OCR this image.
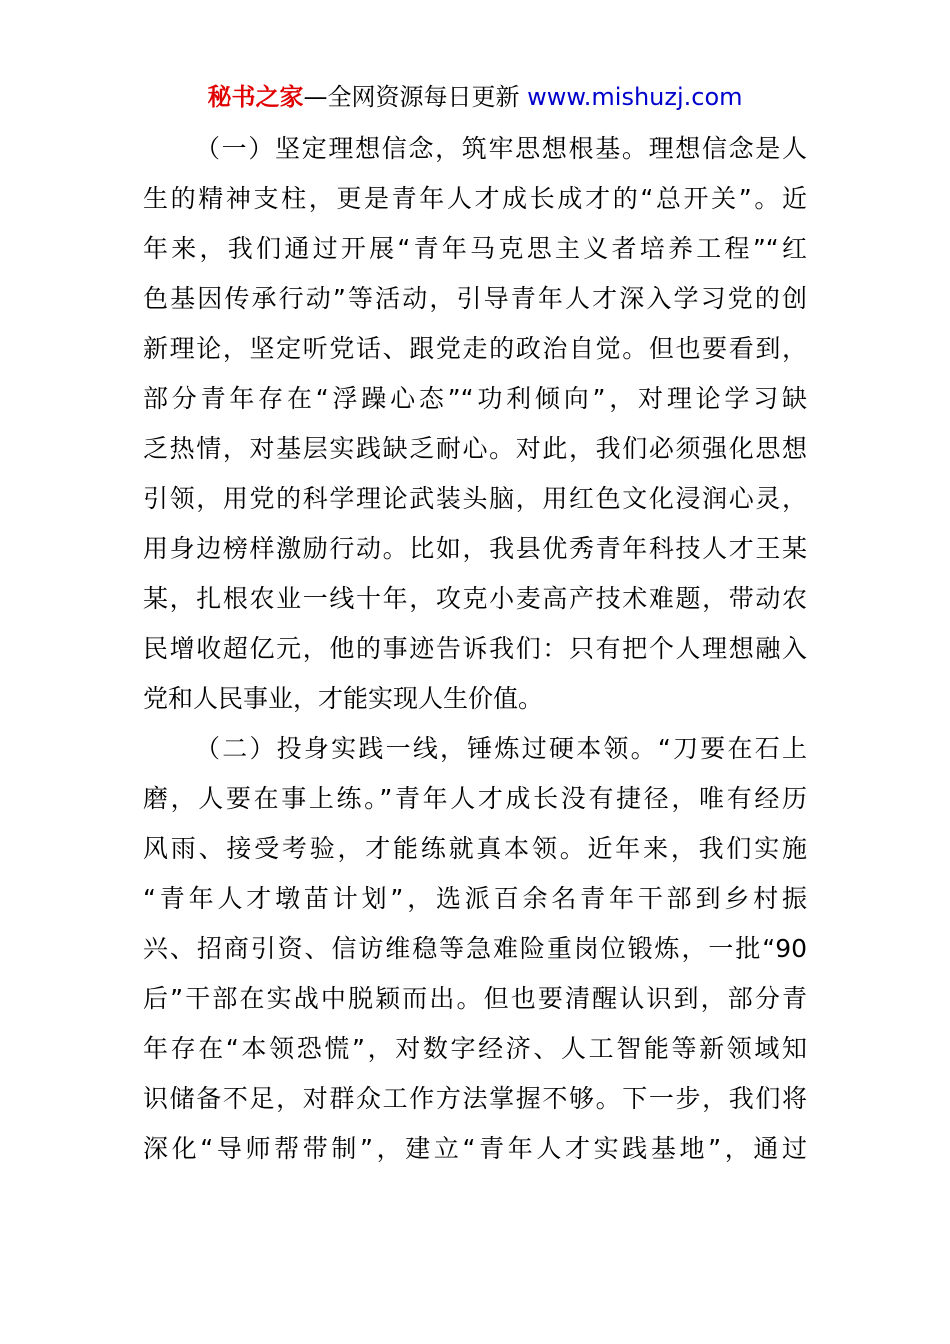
秘书之家—全网资源每日更新 www.mishuzj.com
（一）坚定理想信念，筑牢思想根基。理想信念是人
生的精神支柱，更是青年人才成长成才的“总开关”。近
年来，我们通过开展“青年马克思主义者培养工程”“红
色基因传承行动”等活动，引导青年人才深入学习党的创
新理论，坚定听党话、跟党走的政治自觉。但也要看到，
部分青年存在“浮躁心态”“功利倾向”，对理论学习缺
乏热情，对基层实践缺乏耐心。对此，我们必须强化思想
引领，用党的科学理论武装头脑，用红色文化浸润心灵，
用身边榜样激励行动。比如，我县优秀青年科技人才王某
某，扎根农业一线十年，攻克小麦高产技术难题，带动农
民增收超亿元，他的事迹告诉我们：只有把个人理想融入
党和人民事业，才能实现人生价值。
（二）投身实践一线，锤炼过硬本领。“刀要在石上
磨，人要在事上练。”青年人才成长没有捷径，唯有经历
风雨、接受考验，才能练就真本领。近年来，我们实施
“青年人才墩苗计划”，选派百余名青年干部到乡村振
兴、招商引资、信访维稳等急难险重岗位锻炼，一批“90
后”干部在实战中脱颖而出。但也要清醒认识到，部分青
年存在“本领恐慌”，对数字经济、人工智能等新领域知
识储备不足，对群众工作方法掌握不够。下一步，我们将
深化“导师帮带制”，建立“青年人才实践基地”，通过
